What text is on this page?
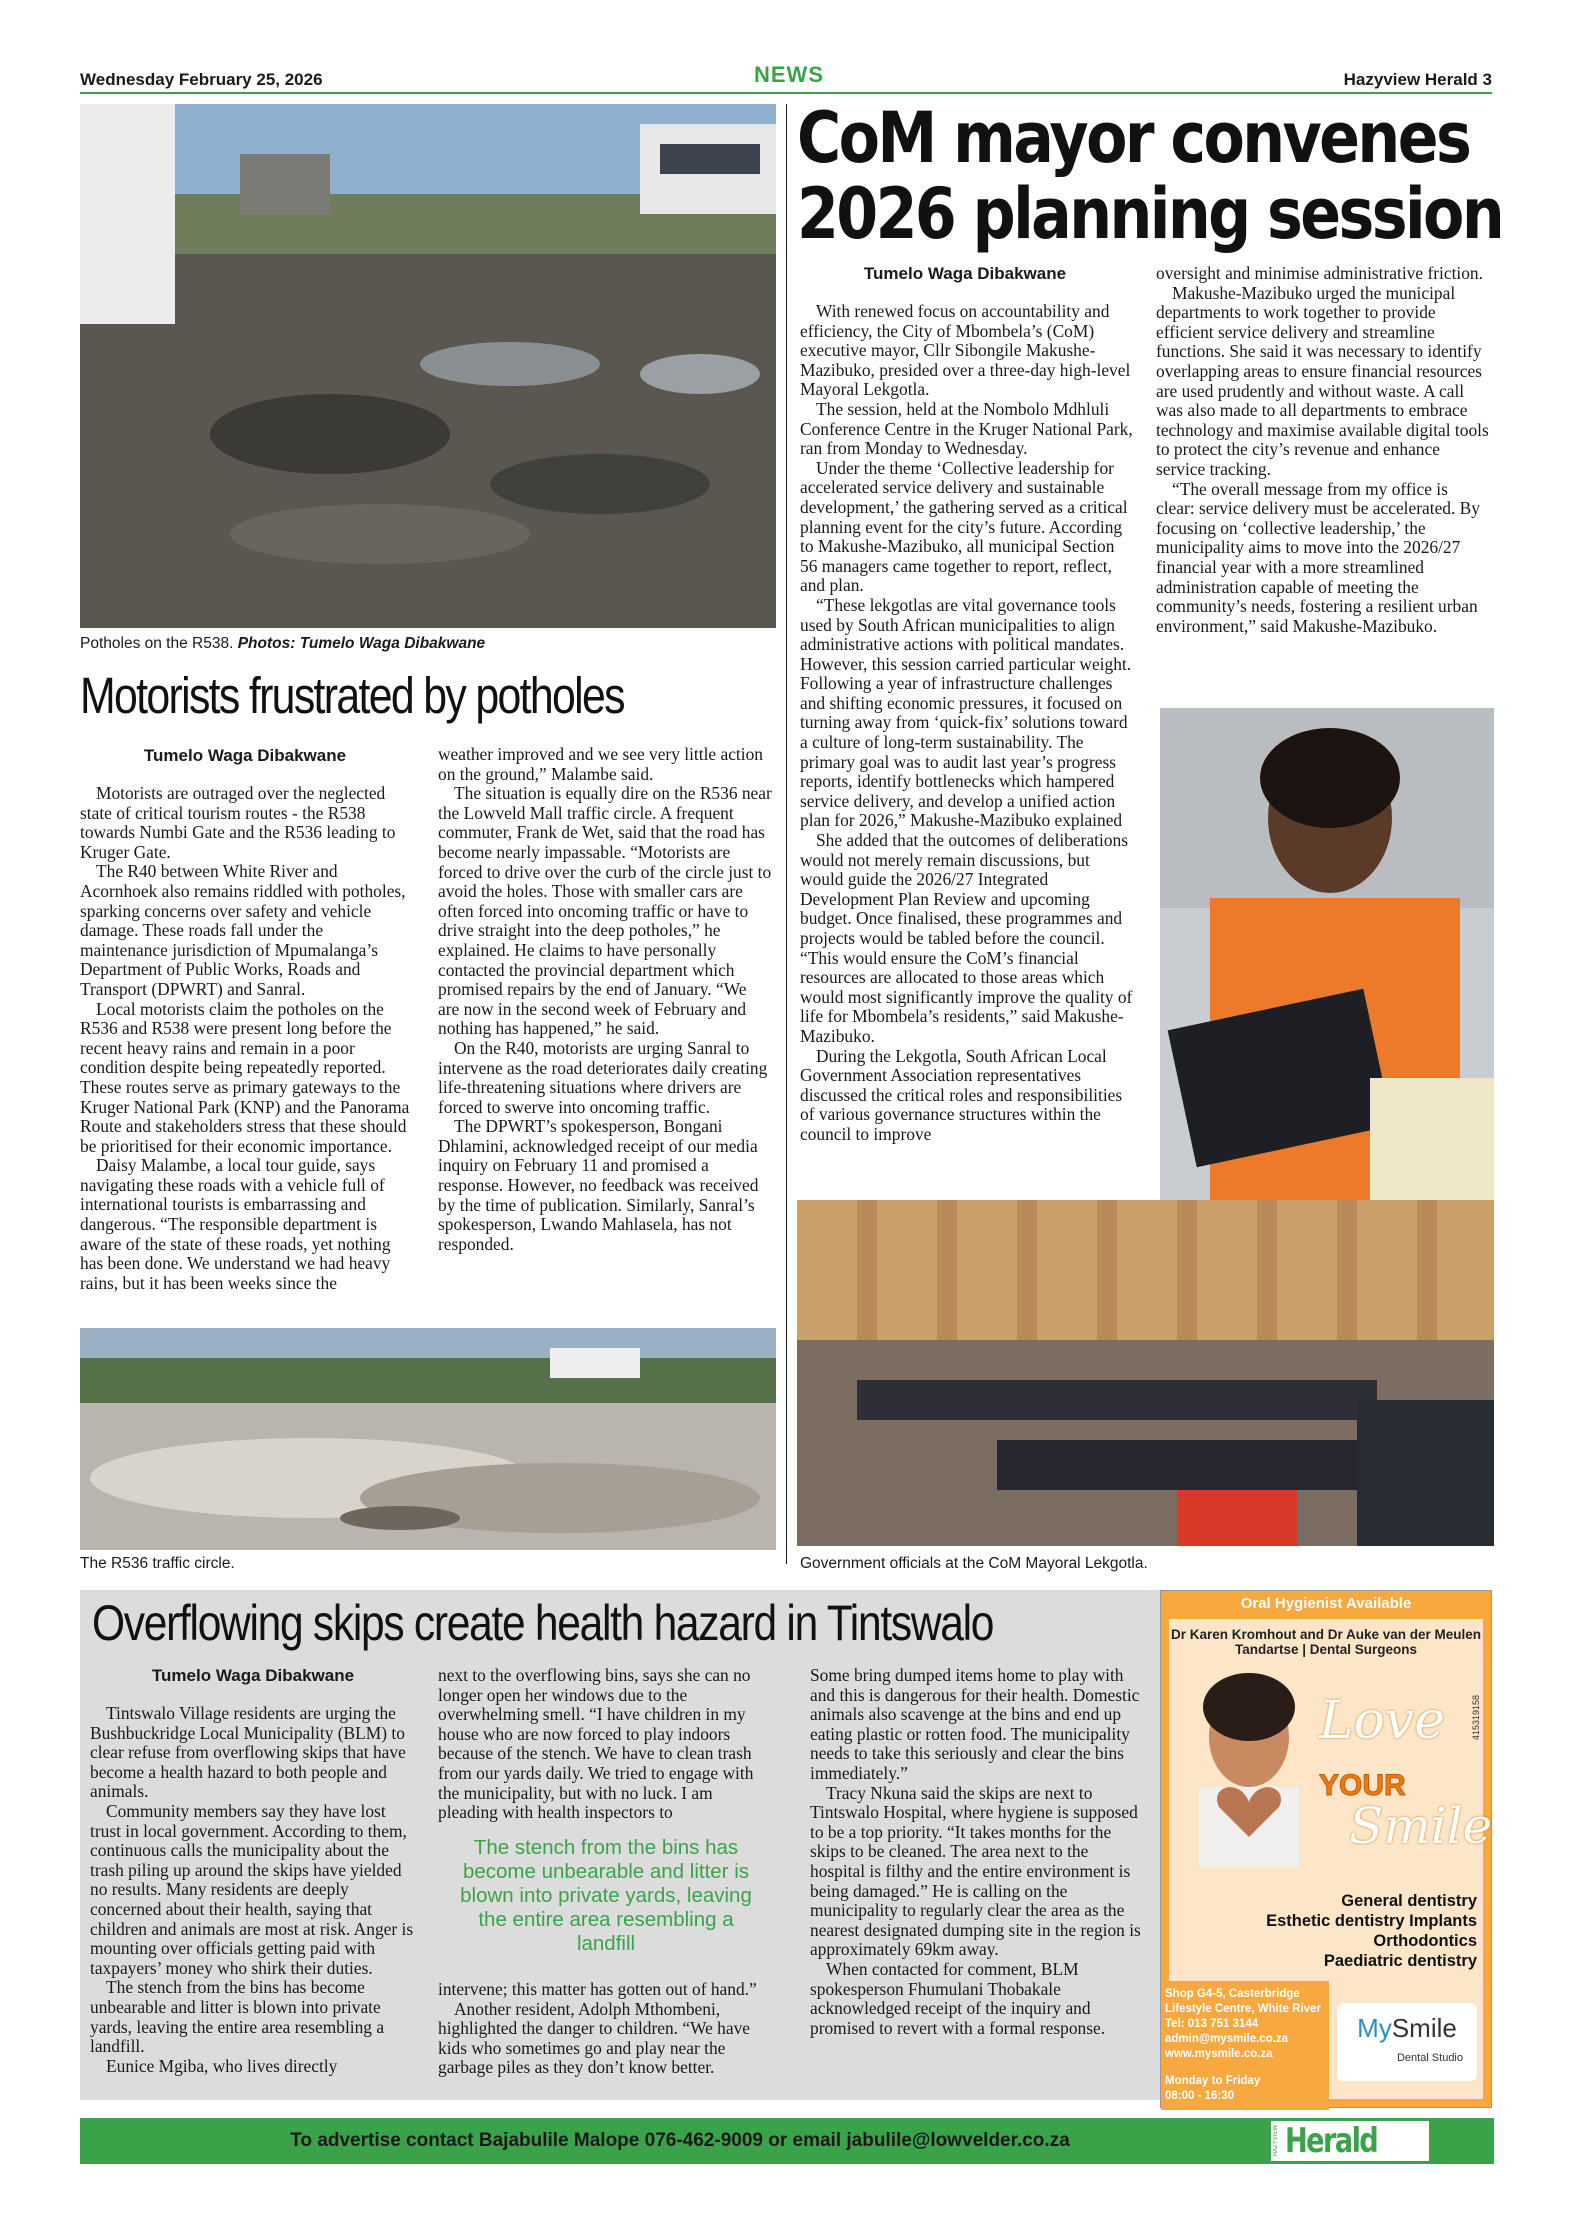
Wednesday February 25, 2026	NEWS	Hazyview Herald 3
Potholes on the R538. Photos: Tumelo Waga Dibakwane
Motorists frustrated by potholes
Tumelo Waga Dibakwane

Motorists are outraged over the neglected state of critical tourism routes - the R538 towards Numbi Gate and the R536 leading to Kruger Gate.

The R40 between White River and Acornhoek also remains riddled with potholes, sparking concerns over safety and vehicle damage. These roads fall under the maintenance jurisdiction of Mpumalanga’s Department of Public Works, Roads and Transport (DPWRT) and Sanral.

Local motorists claim the potholes on the R536 and R538 were present long before the recent heavy rains and remain in a poor condition despite being repeatedly reported. These routes serve as primary gateways to the Kruger National Park (KNP) and the Panorama Route and stakeholders stress that these should be prioritised for their economic importance.

Daisy Malambe, a local tour guide, says navigating these roads with a vehicle full of international tourists is embarrassing and dangerous. “The responsible department is aware of the state of these roads, yet nothing has been done. We understand we had heavy rains, but it has been weeks since the

weather improved and we see very little action on the ground,” Malambe said.

The situation is equally dire on the R536 near the Lowveld Mall traffic circle. A frequent commuter, Frank de Wet, said that the road has become nearly impassable. “Motorists are forced to drive over the curb of the circle just to avoid the holes. Those with smaller cars are often forced into oncoming traffic or have to drive straight into the deep potholes,” he explained. He claims to have personally contacted the provincial department which promised repairs by the end of January. “We are now in the second week of February and nothing has happened,” he said.

On the R40, motorists are urging Sanral to intervene as the road deteriorates daily creating life-threatening situations where drivers are forced to swerve into oncoming traffic.

The DPWRT’s spokesperson, Bongani Dhlamini, acknowledged receipt of our media inquiry on February 11 and promised a response. However, no feedback was received by the time of publication. Similarly, Sanral’s spokesperson, Lwando Mahlasela, has not responded.

The R536 traffic circle.
CoM mayor convenes
2026 planning session
Tumelo Waga Dibakwane

With renewed focus on accountability and efficiency, the City of Mbombela’s (CoM) executive mayor, Cllr Sibongile Makushe-Mazibuko, presided over a three-day high-level Mayoral Lekgotla.

The session, held at the Nombolo Mdhluli Conference Centre in the Kruger National Park, ran from Monday to Wednesday.

Under the theme ‘Collective leadership for accelerated service delivery and sustainable development,’ the gathering served as a critical planning event for the city’s future. According to Makushe-Mazibuko, all municipal Section 56 managers came together to report, reflect, and plan.

“These lekgotlas are vital governance tools used by South African municipalities to align administrative actions with political mandates. However, this session carried particular weight. Following a year of infrastructure challenges and shifting economic pressures, it focused on turning away from ‘quick-fix’ solutions toward a culture of long-term sustainability. The primary goal was to audit last year’s progress reports, identify bottlenecks which hampered service delivery, and develop a unified action plan for 2026,” Makushe-Mazibuko explained

She added that the outcomes of deliberations would not merely remain discussions, but would guide the 2026/27 Integrated Development Plan Review and upcoming budget. Once finalised, these programmes and projects would be tabled before the council. “This would ensure the CoM’s financial resources are allocated to those areas which would most significantly improve the quality of life for Mbombela’s residents,” said Makushe-Mazibuko.

During the Lekgotla, South African Local Government Association representatives discussed the critical roles and responsibilities of various governance structures within the council to improve

oversight and minimise administrative friction.

Makushe-Mazibuko urged the municipal departments to work together to provide efficient service delivery and streamline functions. She said it was necessary to identify overlapping areas to ensure financial resources are used prudently and without waste. A call was also made to all departments to embrace technology and maximise available digital tools to protect the city’s revenue and enhance service tracking.

“The overall message from my office is clear: service delivery must be accelerated. By focusing on ‘collective leadership,’ the municipality aims to move into the 2026/27 financial year with a more streamlined administration capable of meeting the community’s needs, fostering a resilient urban environment,” said Makushe-Mazibuko.

Government officials at the CoM Mayoral Lekgotla.
Overflowing skips create health hazard in Tintswalo
Tumelo Waga Dibakwane

Tintswalo Village residents are urging the Bushbuckridge Local Municipality (BLM) to clear refuse from overflowing skips that have become a health hazard to both people and animals.

Community members say they have lost trust in local government. According to them, continuous calls the municipality about the trash piling up around the skips have yielded no results. Many residents are deeply concerned about their health, saying that children and animals are most at risk. Anger is mounting over officials getting paid with taxpayers’ money who shirk their duties.

The stench from the bins has become unbearable and litter is blown into private yards, leaving the entire area resembling a landfill.

Eunice Mgiba, who lives directly

next to the overflowing bins, says she can no longer open her windows due to the overwhelming smell. “I have children in my house who are now forced to play indoors because of the stench. We have to clean trash from our yards daily. We tried to engage with the municipality, but with no luck. I am pleading with health inspectors to

The stench from the bins has become unbearable and litter is blown into private yards, leaving the entire area resembling a landfill

intervene; this matter has gotten out of hand.”

Another resident, Adolph Mthombeni, highlighted the danger to children. “We have kids who sometimes go and play near the garbage piles as they don’t know better.

Some bring dumped items home to play with and this is dangerous for their health. Domestic animals also scavenge at the bins and end up eating plastic or rotten food. The municipality needs to take this seriously and clear the bins immediately.”

Tracy Nkuna said the skips are next to Tintswalo Hospital, where hygiene is supposed to be a top priority. “It takes months for the skips to be cleaned. The area next to the hospital is filthy and the entire environment is being damaged.” He is calling on the municipality to regularly clear the area as the nearest designated dumping site in the region is approximately 69km away.

When contacted for comment, BLM spokesperson Fhumulani Thobakale acknowledged receipt of the inquiry and promised to revert with a formal response.

Oral Hygienist Available
Dr Karen Kromhout and Dr Auke van der Meulen
Tandartse | Dental Surgeons
415319158
Love
YOUR
Smile
General dentistry
Esthetic dentistry Implants
Orthodontics
Paediatric dentistry
Shop G4-5, Casterbridge
Lifestyle Centre, White River
Tel: 013 751 3144
admin@mysmile.co.za
www.mysmile.co.za
Monday to Friday
08:00 - 16:30
MySmile
Dental Studio
To advertise contact Bajabulile Malope 076-462-9009 or email jabulile@lowvelder.co.za	HAZYVIEW Herald
